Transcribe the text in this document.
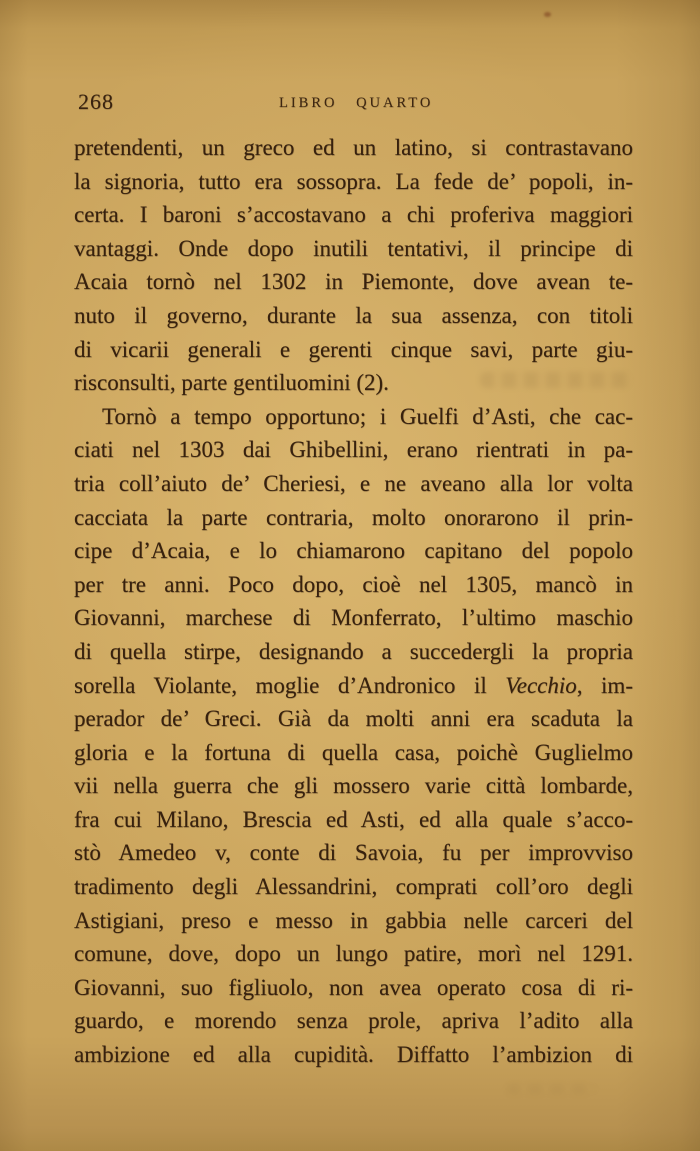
268	LIBRO QUARTO
pretendenti, un greco ed un latino, si contrastavano
la signoria, tutto era sossopra. La fede de’ popoli, in-
certa. I baroni s’accostavano a chi proferiva maggiori
vantaggi. Onde dopo inutili tentativi, il principe di
Acaia tornò nel 1302 in Piemonte, dove avean te-
nuto il governo, durante la sua assenza, con titoli
di vicarii generali e gerenti cinque savi, parte giu-
risconsulti, parte gentiluomini (2).
Tornò a tempo opportuno; i Guelfi d’Asti, che cac-
ciati nel 1303 dai Ghibellini, erano rientrati in pa-
tria coll’aiuto de’ Cheriesi, e ne aveano alla lor volta
cacciata la parte contraria, molto onorarono il prin-
cipe d’Acaia, e lo chiamarono capitano del popolo
per tre anni. Poco dopo, cioè nel 1305, mancò in
Giovanni, marchese di Monferrato, l’ultimo maschio
di quella stirpe, designando a succedergli la propria
sorella Violante, moglie d’Andronico il Vecchio, im-
perador de’ Greci. Già da molti anni era scaduta la
gloria e la fortuna di quella casa, poichè Guglielmo
vii nella guerra che gli mossero varie città lombarde,
fra cui Milano, Brescia ed Asti, ed alla quale s’acco-
stò Amedeo v, conte di Savoia, fu per improvviso
tradimento degli Alessandrini, comprati coll’oro degli
Astigiani, preso e messo in gabbia nelle carceri del
comune, dove, dopo un lungo patire, morì nel 1291.
Giovanni, suo figliuolo, non avea operato cosa di ri-
guardo, e morendo senza prole, apriva l’adito alla
ambizione ed alla cupidità. Diffatto l’ambizion di
